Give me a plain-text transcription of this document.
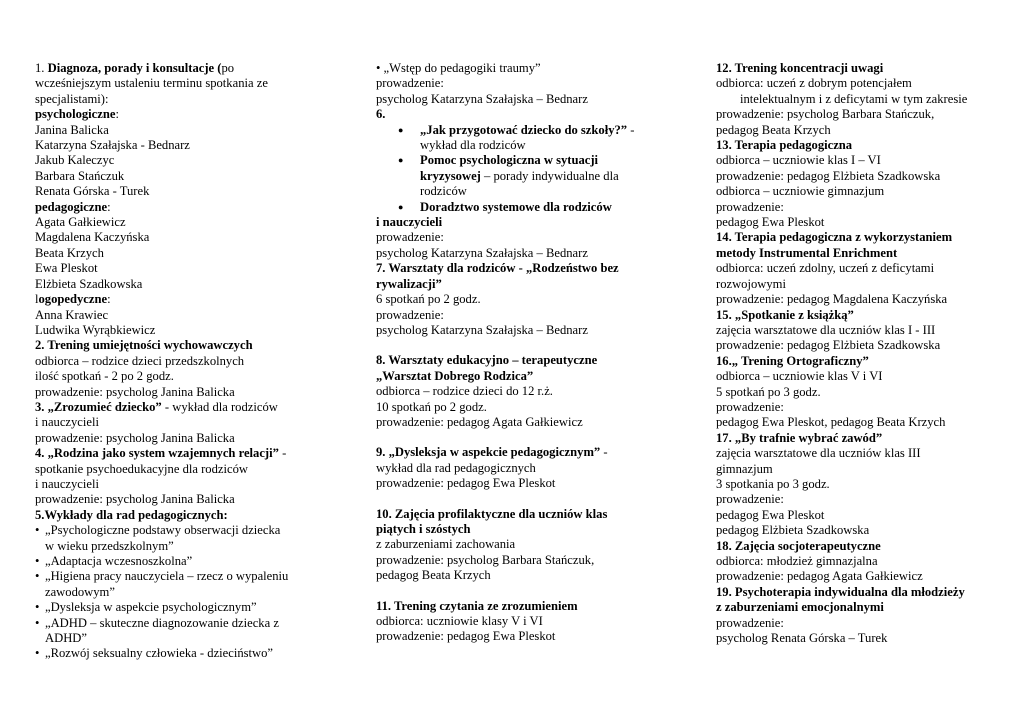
1. Diagnoza, porady i konsultacje (po
wcześniejszym ustaleniu terminu spotkania ze
specjalistami):
psychologiczne:
Janina Balicka
Katarzyna Szałajska - Bednarz
Jakub Kaleczyc
Barbara Stańczuk
Renata Górska - Turek
pedagogiczne:
Agata Gałkiewicz
Magdalena Kaczyńska
Beata Krzych
Ewa Pleskot
Elżbieta Szadkowska
logopedyczne:
Anna Krawiec
Ludwika Wyrąbkiewicz
2. Trening umiejętności wychowawczych
odbiorca – rodzice dzieci przedszkolnych
ilość spotkań - 2 po 2 godz.
prowadzenie: psycholog Janina Balicka
3. „Zrozumieć dziecko” - wykład dla rodziców
i nauczycieli
prowadzenie: psycholog Janina Balicka
4. „Rodzina jako system wzajemnych relacji” -
spotkanie psychoedukacyjne dla rodziców
i nauczycieli
prowadzenie: psycholog Janina Balicka
5.Wykłady dla rad pedagogicznych:
• „Psychologiczne podstawy obserwacji dziecka
w wieku przedszkolnym”
• „Adaptacja wczesnoszkolna”
• „Higiena pracy nauczyciela – rzecz o wypaleniu
zawodowym”
• „Dysleksja w aspekcie psychologicznym”
• „ADHD – skuteczne diagnozowanie dziecka z
ADHD”
• „Rozwój seksualny człowieka - dzieciństwo”
• „Wstęp do pedagogiki traumy”
prowadzenie:
psycholog Katarzyna Szałajska – Bednarz
6.
● „Jak przygotować dziecko do szkoły?” -
wykład dla rodziców
● Pomoc psychologiczna w sytuacji
kryzysowej – porady indywidualne dla
rodziców
● Doradztwo systemowe dla rodziców
i nauczycieli
prowadzenie:
psycholog Katarzyna Szałajska – Bednarz
7. Warsztaty dla rodziców - „Rodzeństwo bez
rywalizacji”
6 spotkań po 2 godz.
prowadzenie:
psycholog Katarzyna Szałajska – Bednarz
8. Warsztaty edukacyjno – terapeutyczne
„Warsztat Dobrego Rodzica”
odbiorca – rodzice dzieci do 12 r.ż.
10 spotkań po 2 godz.
prowadzenie: pedagog Agata Gałkiewicz
9. „Dysleksja w aspekcie pedagogicznym” -
wykład dla rad pedagogicznych
prowadzenie: pedagog Ewa Pleskot
10. Zajęcia profilaktyczne dla uczniów klas
piątych i szóstych
z zaburzeniami zachowania
prowadzenie: psycholog Barbara Stańczuk,
pedagog Beata Krzych
11. Trening czytania ze zrozumieniem
odbiorca: uczniowie klasy V i VI
prowadzenie: pedagog Ewa Pleskot
12. Trening koncentracji uwagi
odbiorca: uczeń z dobrym potencjałem
intelektualnym i z deficytami w tym zakresie
prowadzenie: psycholog Barbara Stańczuk,
pedagog Beata Krzych
13. Terapia pedagogiczna
odbiorca – uczniowie klas I – VI
prowadzenie: pedagog Elżbieta Szadkowska
odbiorca – uczniowie gimnazjum
prowadzenie:
pedagog Ewa Pleskot
14. Terapia pedagogiczna z wykorzystaniem
metody Instrumental Enrichment
odbiorca: uczeń zdolny, uczeń z deficytami
rozwojowymi
prowadzenie: pedagog Magdalena Kaczyńska
15. „Spotkanie z książką”
zajęcia warsztatowe dla uczniów klas I - III
prowadzenie: pedagog Elżbieta Szadkowska
16.„ Trening Ortograficzny”
odbiorca – uczniowie klas V i VI
5 spotkań po 3 godz.
prowadzenie:
pedagog Ewa Pleskot, pedagog Beata Krzych
17. „By trafnie wybrać zawód”
zajęcia warsztatowe dla uczniów klas III
gimnazjum
3 spotkania po 3 godz.
prowadzenie:
pedagog Ewa Pleskot
pedagog Elżbieta Szadkowska
18. Zajęcia socjoterapeutyczne
odbiorca: młodzież gimnazjalna
prowadzenie: pedagog Agata Gałkiewicz
19. Psychoterapia indywidualna dla młodzieży
z zaburzeniami emocjonalnymi
prowadzenie:
psycholog Renata Górska – Turek
